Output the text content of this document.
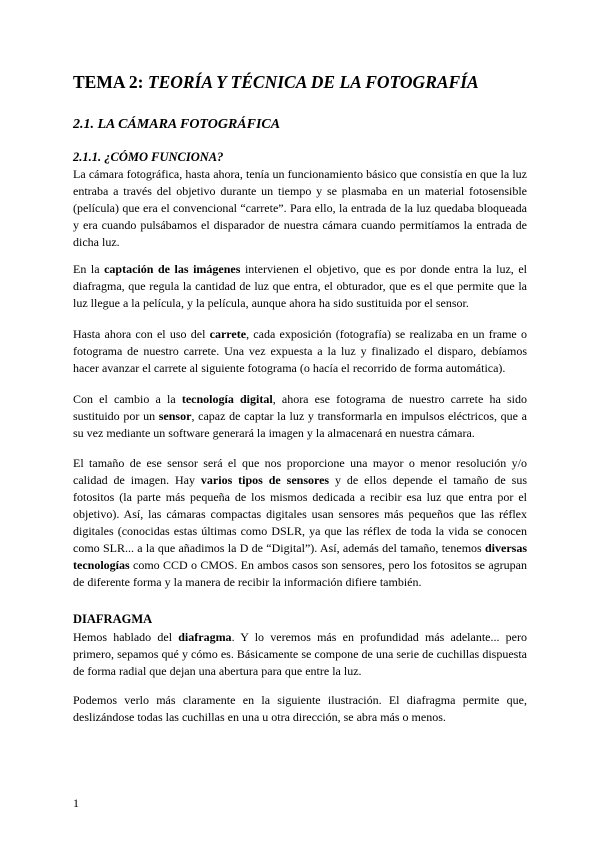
TEMA 2: TEORÍA Y TÉCNICA DE LA FOTOGRAFÍA
2.1. LA CÁMARA FOTOGRÁFICA
2.1.1. ¿CÓMO FUNCIONA?

La cámara fotográfica, hasta ahora, tenía un funcionamiento básico que consistía en que la luz entraba a través del objetivo durante un tiempo y se plasmaba en un material fotosensible (película) que era el convencional “carrete”. Para ello, la entrada de la luz quedaba bloqueada y era cuando pulsábamos el disparador de nuestra cámara cuando permitíamos la entrada de dicha luz.

En la captación de las imágenes intervienen el objetivo, que es por donde entra la luz, el diafragma, que regula la cantidad de luz que entra, el obturador, que es el que permite que la luz llegue a la película, y la película, aunque ahora ha sido sustituida por el sensor.

Hasta ahora con el uso del carrete, cada exposición (fotografía) se realizaba en un frame o fotograma de nuestro carrete. Una vez expuesta a la luz y finalizado el disparo, debíamos hacer avanzar el carrete al siguiente fotograma (o hacía el recorrido de forma automática).

Con el cambio a la tecnología digital, ahora ese fotograma de nuestro carrete ha sido sustituido por un sensor, capaz de captar la luz y transformarla en impulsos eléctricos, que a su vez mediante un software generará la imagen y la almacenará en nuestra cámara.

El tamaño de ese sensor será el que nos proporcione una mayor o menor resolución y/o calidad de imagen. Hay varios tipos de sensores y de ellos depende el tamaño de sus fotositos (la parte más pequeña de los mismos dedicada a recibir esa luz que entra por el objetivo). Así, las cámaras compactas digitales usan sensores más pequeños que las réflex digitales (conocidas estas últimas como DSLR, ya que las réflex de toda la vida se conocen como SLR... a la que añadimos la D de “Digital”). Así, además del tamaño, tenemos diversas tecnologías como CCD o CMOS. En ambos casos son sensores, pero los fotositos se agrupan de diferente forma y la manera de recibir la información difiere también.

DIAFRAGMA

Hemos hablado del diafragma. Y lo veremos más en profundidad más adelante... pero primero, sepamos qué y cómo es. Básicamente se compone de una serie de cuchillas dispuesta de forma radial que dejan una abertura para que entre la luz.

Podemos verlo más claramente en la siguiente ilustración. El diafragma permite que, deslizándose todas las cuchillas en una u otra dirección, se abra más o menos.

1
